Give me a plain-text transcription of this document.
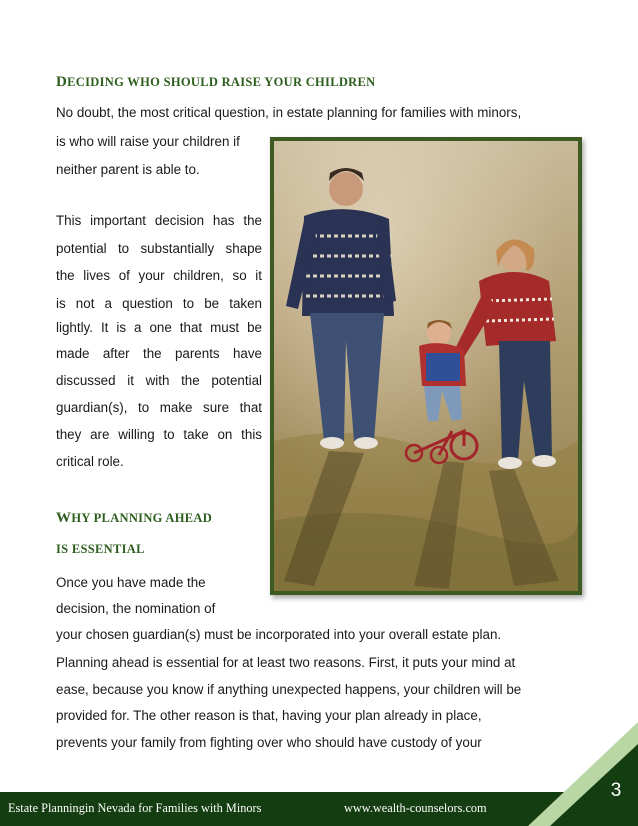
DECIDING WHO SHOULD RAISE YOUR CHILDREN
No doubt, the most critical question, in estate planning for families with minors,
is who will raise your children if
neither parent is able to.
This important decision has the
potential to substantially shape
the lives of your children, so it
is not a question to be taken
lightly. It is a one that must be
made after the parents have
discussed it with the potential
guardian(s), to make sure that
they are willing to take on this
critical role.
WHY PLANNING AHEAD
IS ESSENTIAL
Once you have made the
decision, the nomination of
your chosen guardian(s) must be incorporated into your overall estate plan.
Planning ahead is essential for at least two reasons. First, it puts your mind at
ease, because you know if anything unexpected happens, your children will be
provided for. The other reason is that, having your plan already in place,
prevents your family from fighting over who should have custody of your
Estate Planningin Nevada for Families with Minors	www.wealth-counselors.com
3
